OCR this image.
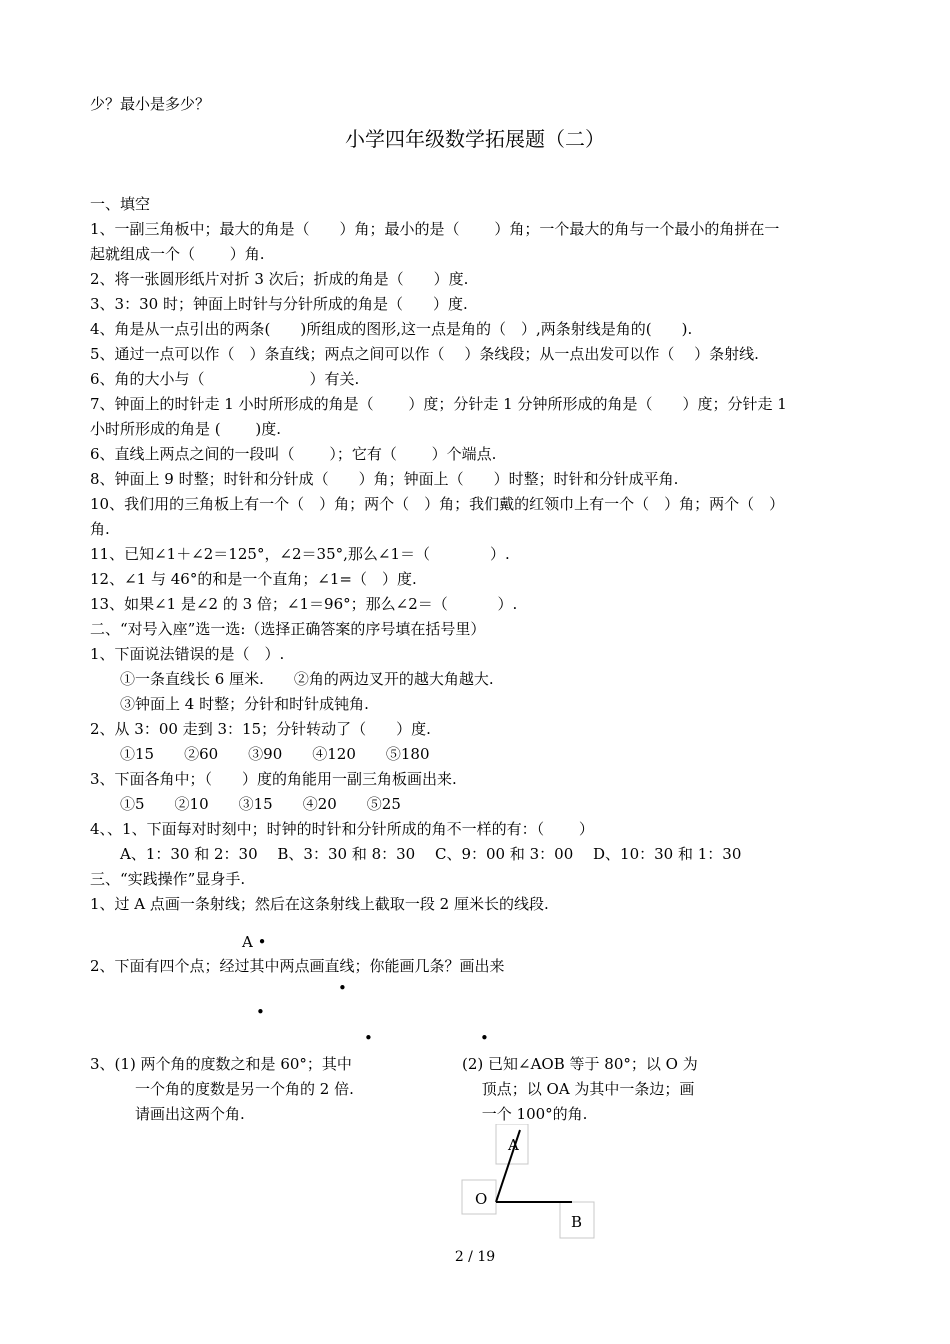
少？最小是多少？
小学四年级数学拓展题（二）
一、填空
1、一副三角板中；最大的角是（　　）角；最小的是（　　 ）角；一个最大的角与一个最小的角拼在一
起就组成一个（　　 ）角.
2、将一张圆形纸片对折 3 次后；折成的角是（　　）度.
3、3：30 时；钟面上时针与分针所成的角是（　　）度.
4、角是从一点引出的两条(　　)所组成的图形,这一点是角的（　）,两条射线是角的(　　).
5、通过一点可以作（　）条直线；两点之间可以作（　 ）条线段；从一点出发可以作（　 ）条射线.
6、角的大小与（　　　　　　　）有关.
7、钟面上的时针走 1 小时所形成的角是（　　 ）度；分针走 1 分钟所形成的角是（　　）度；分针走 1
小时所形成的角是 (　　 )度.
6、直线上两点之间的一段叫（　　 ）；它有（　　 ）个端点.
8、钟面上 9 时整；时针和分针成（　　）角；钟面上（　　）时整；时针和分针成平角.
10、我们用的三角板上有一个（　）角；两个（　）角；我们戴的红领巾上有一个（　）角；两个（　）
角.
11、已知∠1＋∠2＝125°，∠2＝35°,那么∠1＝（　　　　）.
12、∠1 与 46°的和是一个直角；∠1=（　）度.
13、如果∠1 是∠2 的 3 倍；∠1＝96°；那么∠2＝（　　　 ）.
二、“对号入座”选一选:（选择正确答案的序号填在括号里）
1、下面说法错误的是（　）.
　　①一条直线长 6 厘米.　　②角的两边叉开的越大角越大.
　　③钟面上 4 时整；分针和时针成钝角.
2、从 3：00 走到 3：15；分针转动了（　　）度.
　　①15　　②60　　③90　　④120　　⑤180
3、下面各角中；（　　）度的角能用一副三角板画出来.
　　①5　　②10　　③15　　④20　　⑤25
4、、1、下面每对时刻中；时钟的时针和分针所成的角不一样的有：（　　 ）
　　A、1：30 和 2：30　 B、3：30 和 8：30　 C、9：00 和 3：00　 D、10：30 和 1：30
三、“实践操作”显身手.
1、过 A 点画一条射线；然后在这条射线上截取一段 2 厘米长的线段.
A •
2、下面有四个点；经过其中两点画直线；你能画几条？画出来
•
•
•	•
3、(1) 两个角的度数之和是 60°；其中
　　　一个角的度数是另一个角的 2 倍.
　　　请画出这两个角.
(2) 已知∠AOB 等于 80°；以 O 为
　 顶点；以 OA 为其中一条边；画
　 一个 100°的角.
A
O
B
2 / 19
